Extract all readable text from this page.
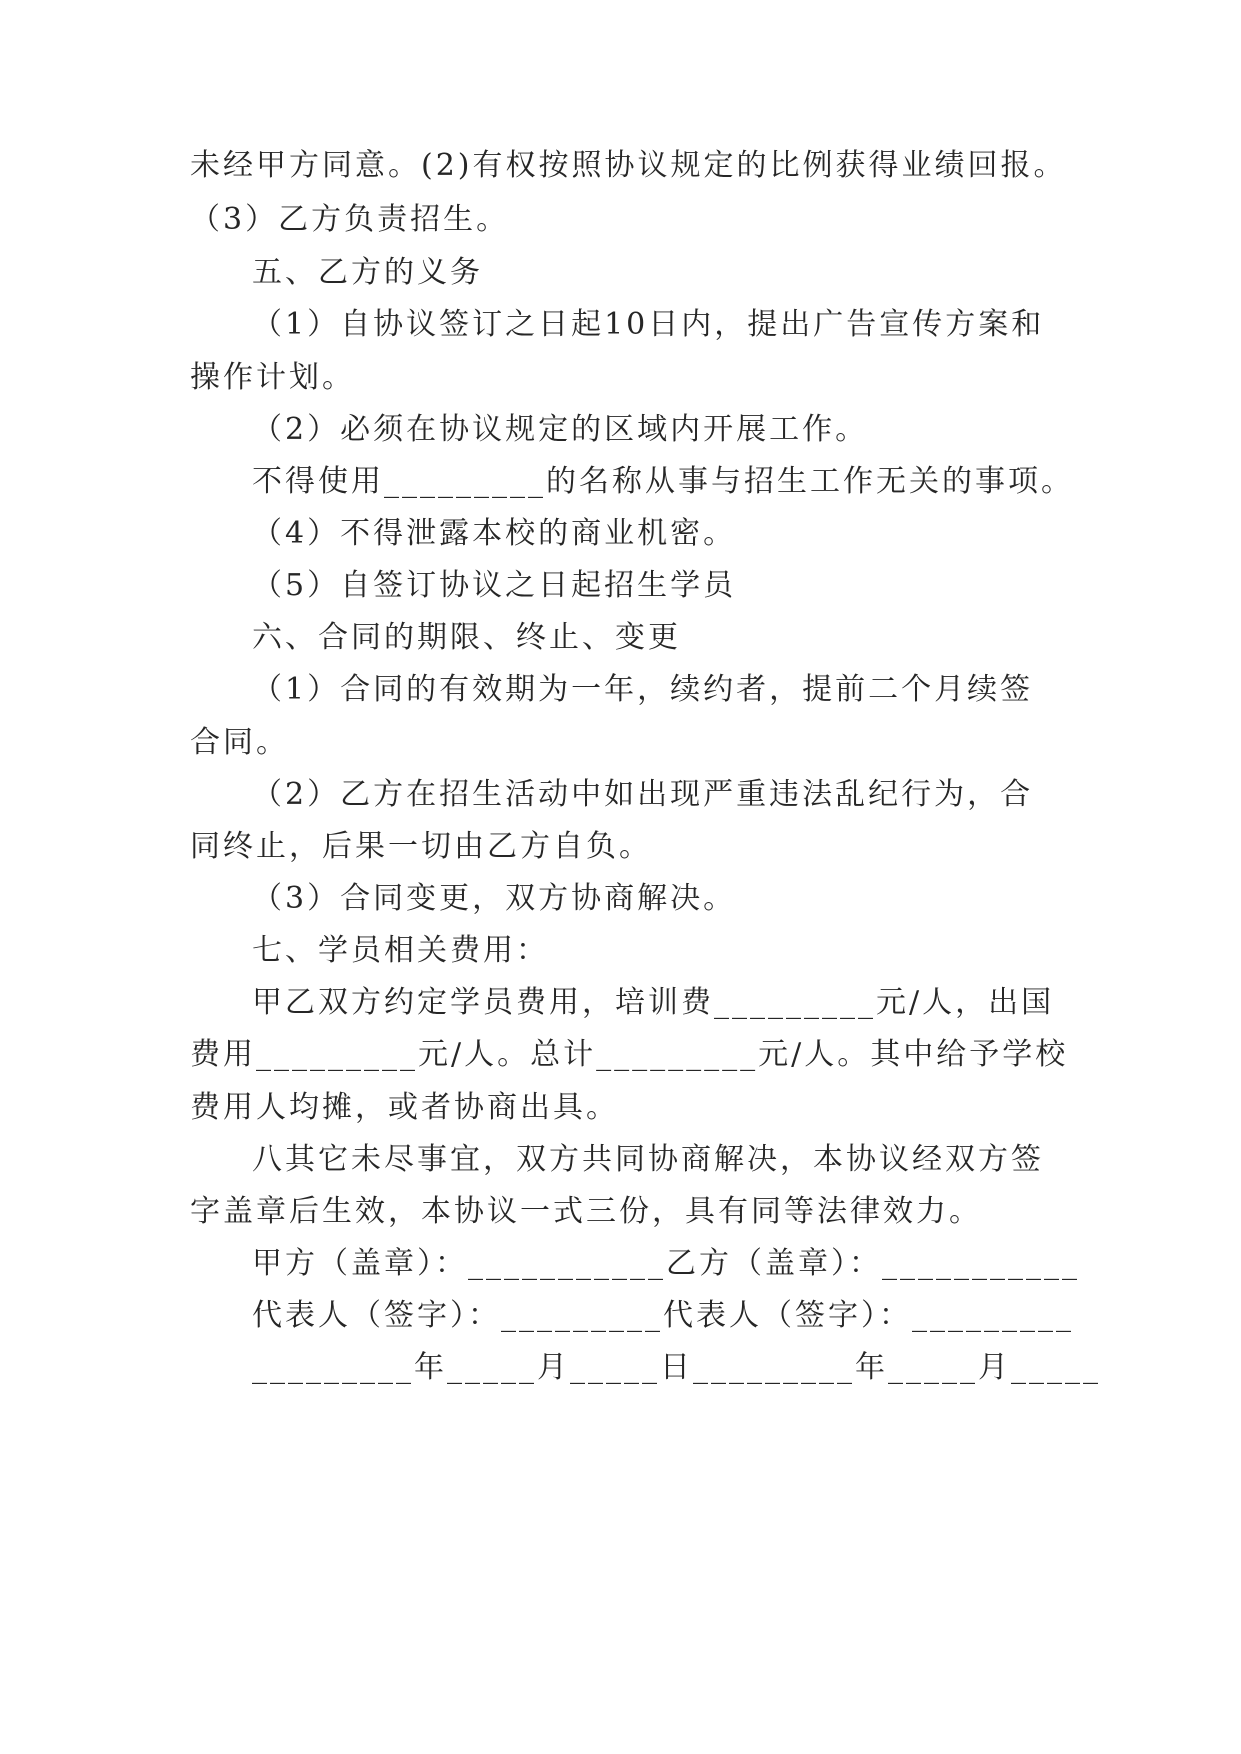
未经甲方同意。(2)有权按照协议规定的比例获得业绩回报。
（3）乙方负责招生。
五、乙方的义务
（1）自协议签订之日起10日内，提出广告宣传方案和
操作计划。
（2）必须在协议规定的区域内开展工作。
不得使用_________的名称从事与招生工作无关的事项。
（4）不得泄露本校的商业机密。
（5）自签订协议之日起招生学员
六、合同的期限、终止、变更
（1）合同的有效期为一年，续约者，提前二个月续签
合同。
（2）乙方在招生活动中如出现严重违法乱纪行为，合
同终止，后果一切由乙方自负。
（3）合同变更，双方协商解决。
七、学员相关费用：
甲乙双方约定学员费用，培训费_________元/人，出国
费用_________元/人。总计_________元/人。其中给予学校
费用人均摊，或者协商出具。
八其它未尽事宜，双方共同协商解决，本协议经双方签
字盖章后生效，本协议一式三份，具有同等法律效力。
甲方（盖章）：___________乙方（盖章）：___________
代表人（签字）：_________代表人（签字）：_________
_________年_____月_____日_________年_____月_____
